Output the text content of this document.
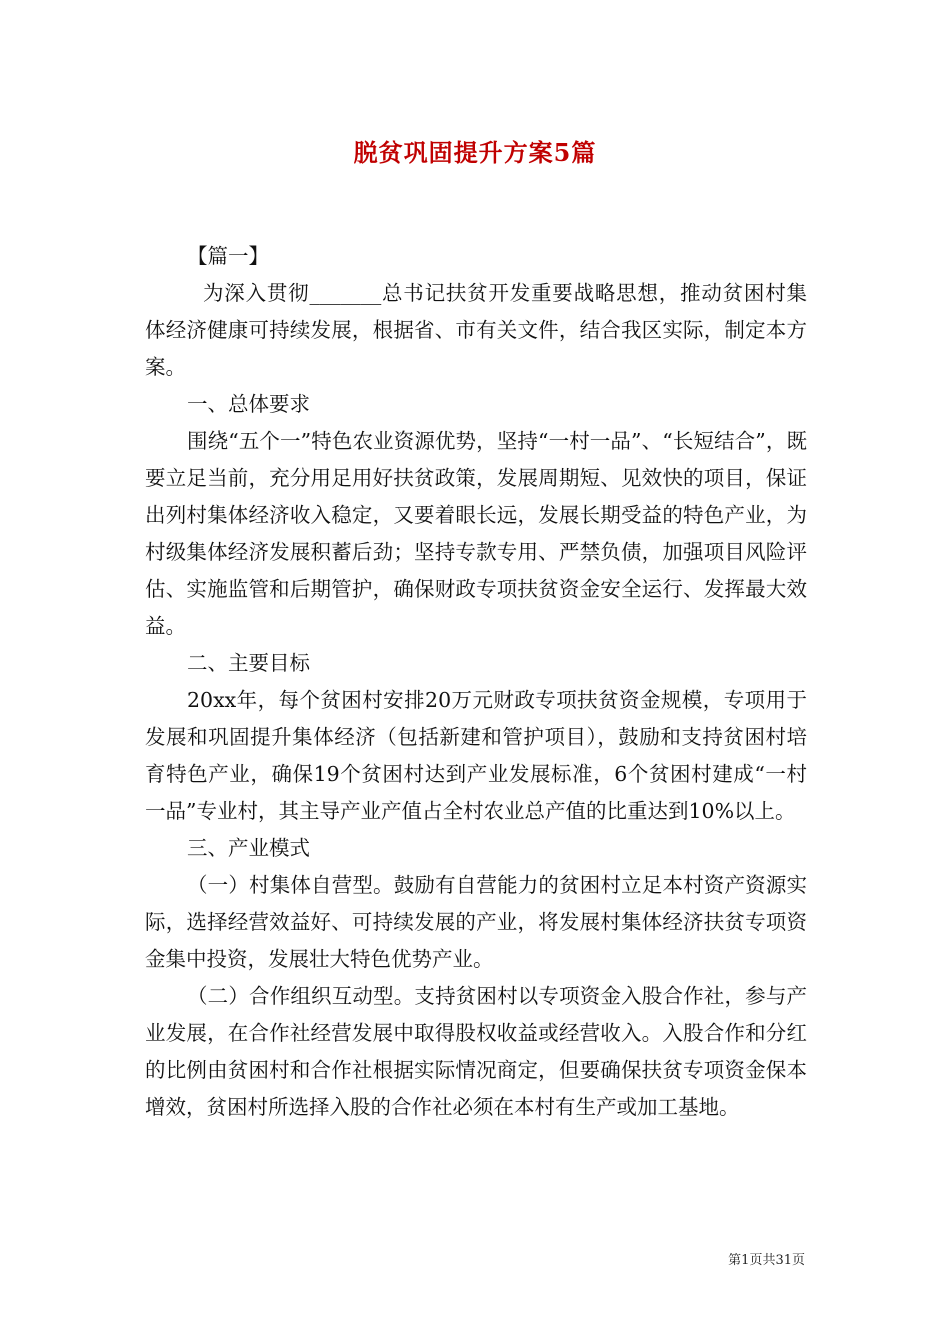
脱贫巩固提升方案5篇

【篇一】

为深入贯彻_______总书记扶贫开发重要战略思想，推动贫困村集体经济健康可持续发展，根据省、市有关文件，结合我区实际，制定本方案。

一、总体要求

围绕“五个一”特色农业资源优势，坚持“一村一品”、“长短结合”，既要立足当前，充分用足用好扶贫政策，发展周期短、见效快的项目，保证出列村集体经济收入稳定，又要着眼长远，发展长期受益的特色产业，为村级集体经济发展积蓄后劲；坚持专款专用、严禁负债，加强项目风险评估、实施监管和后期管护，确保财政专项扶贫资金安全运行、发挥最大效益。

二、主要目标

20xx年，每个贫困村安排20万元财政专项扶贫资金规模，专项用于发展和巩固提升集体经济（包括新建和管护项目），鼓励和支持贫困村培育特色产业，确保19个贫困村达到产业发展标准，6个贫困村建成“一村一品”专业村，其主导产业产值占全村农业总产值的比重达到10%以上。

三、产业模式

（一）村集体自营型。鼓励有自营能力的贫困村立足本村资产资源实际，选择经营效益好、可持续发展的产业，将发展村集体经济扶贫专项资金集中投资，发展壮大特色优势产业。

（二）合作组织互动型。支持贫困村以专项资金入股合作社，参与产业发展，在合作社经营发展中取得股权收益或经营收入。入股合作和分红的比例由贫困村和合作社根据实际情况商定，但要确保扶贫专项资金保本增效，贫困村所选择入股的合作社必须在本村有生产或加工基地。

第1页共31页
